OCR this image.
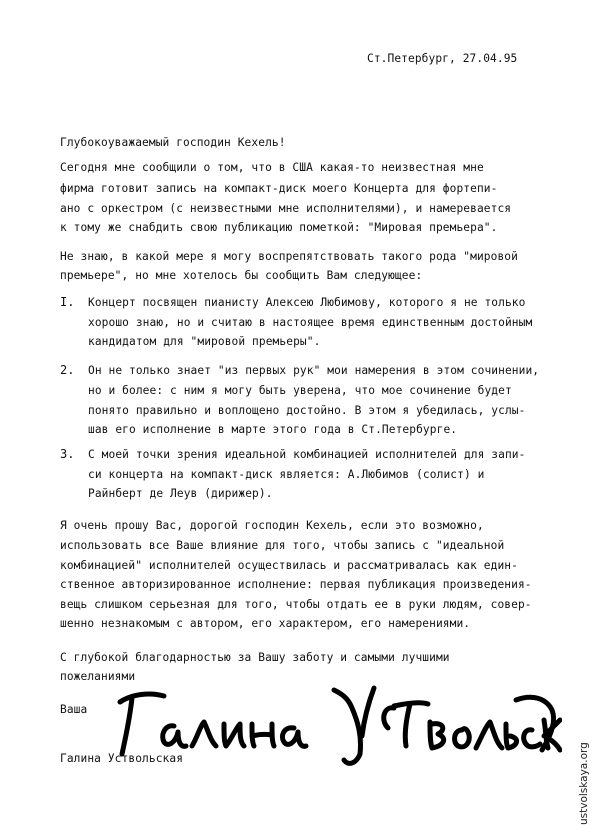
Ст.Петербург, 27.04.95
Глубокоуважаемый господин Кехель!
Сегодня мне сообщили о том, что в США какая-то неизвестная мне
фирма готовит запись на компакт-диск моего Концерта для фортепи-
ано с оркестром (с неизвестными мне исполнителями), и намеревается
к тому же снабдить свою публикацию пометкой: "Мировая премьера".
Не знаю, в какой мере я могу воспрепятствовать такого рода "мировой
премьере", но мне хотелось бы сообщить Вам следующее:
I. Концерт посвящен пианисту Алексею Любимову, которого я не только
хорошо знаю, но и считаю в настоящее время единственным достойным
кандидатом для "мировой премьеры".
2. Он не только знает "из первых рук" мои намерения в этом сочинении,
но и более: с ним я могу быть уверена, что мое сочинение будет
понято правильно и воплощено достойно. В этом я убедилась, услы-
шав его исполнение в марте этого года в Ст.Петербурге.
3. С моей точки зрения идеальной комбинацией исполнителей для запи-
си концерта на компакт-диск является: А.Любимов (солист) и
Райнберт де Леув (дирижер).
Я очень прошу Вас, дорогой господин Кехель, если это возможно,
использовать все Ваше влияние для того, чтобы запись с "идеальной
комбинацией" исполнителей осуществилась и рассматривалась как един-
ственное авторизированное исполнение: первая публикация произведения-
вещь слишком серьезная для того, чтобы отдать ее в руки людям, совер-
шенно незнакомым с автором, его характером, его намерениями.
С глубокой благодарностью за Вашу заботу и самыми лучшими
пожеланиями
Ваша
Галина Уствольская	ustvolskaya.org
